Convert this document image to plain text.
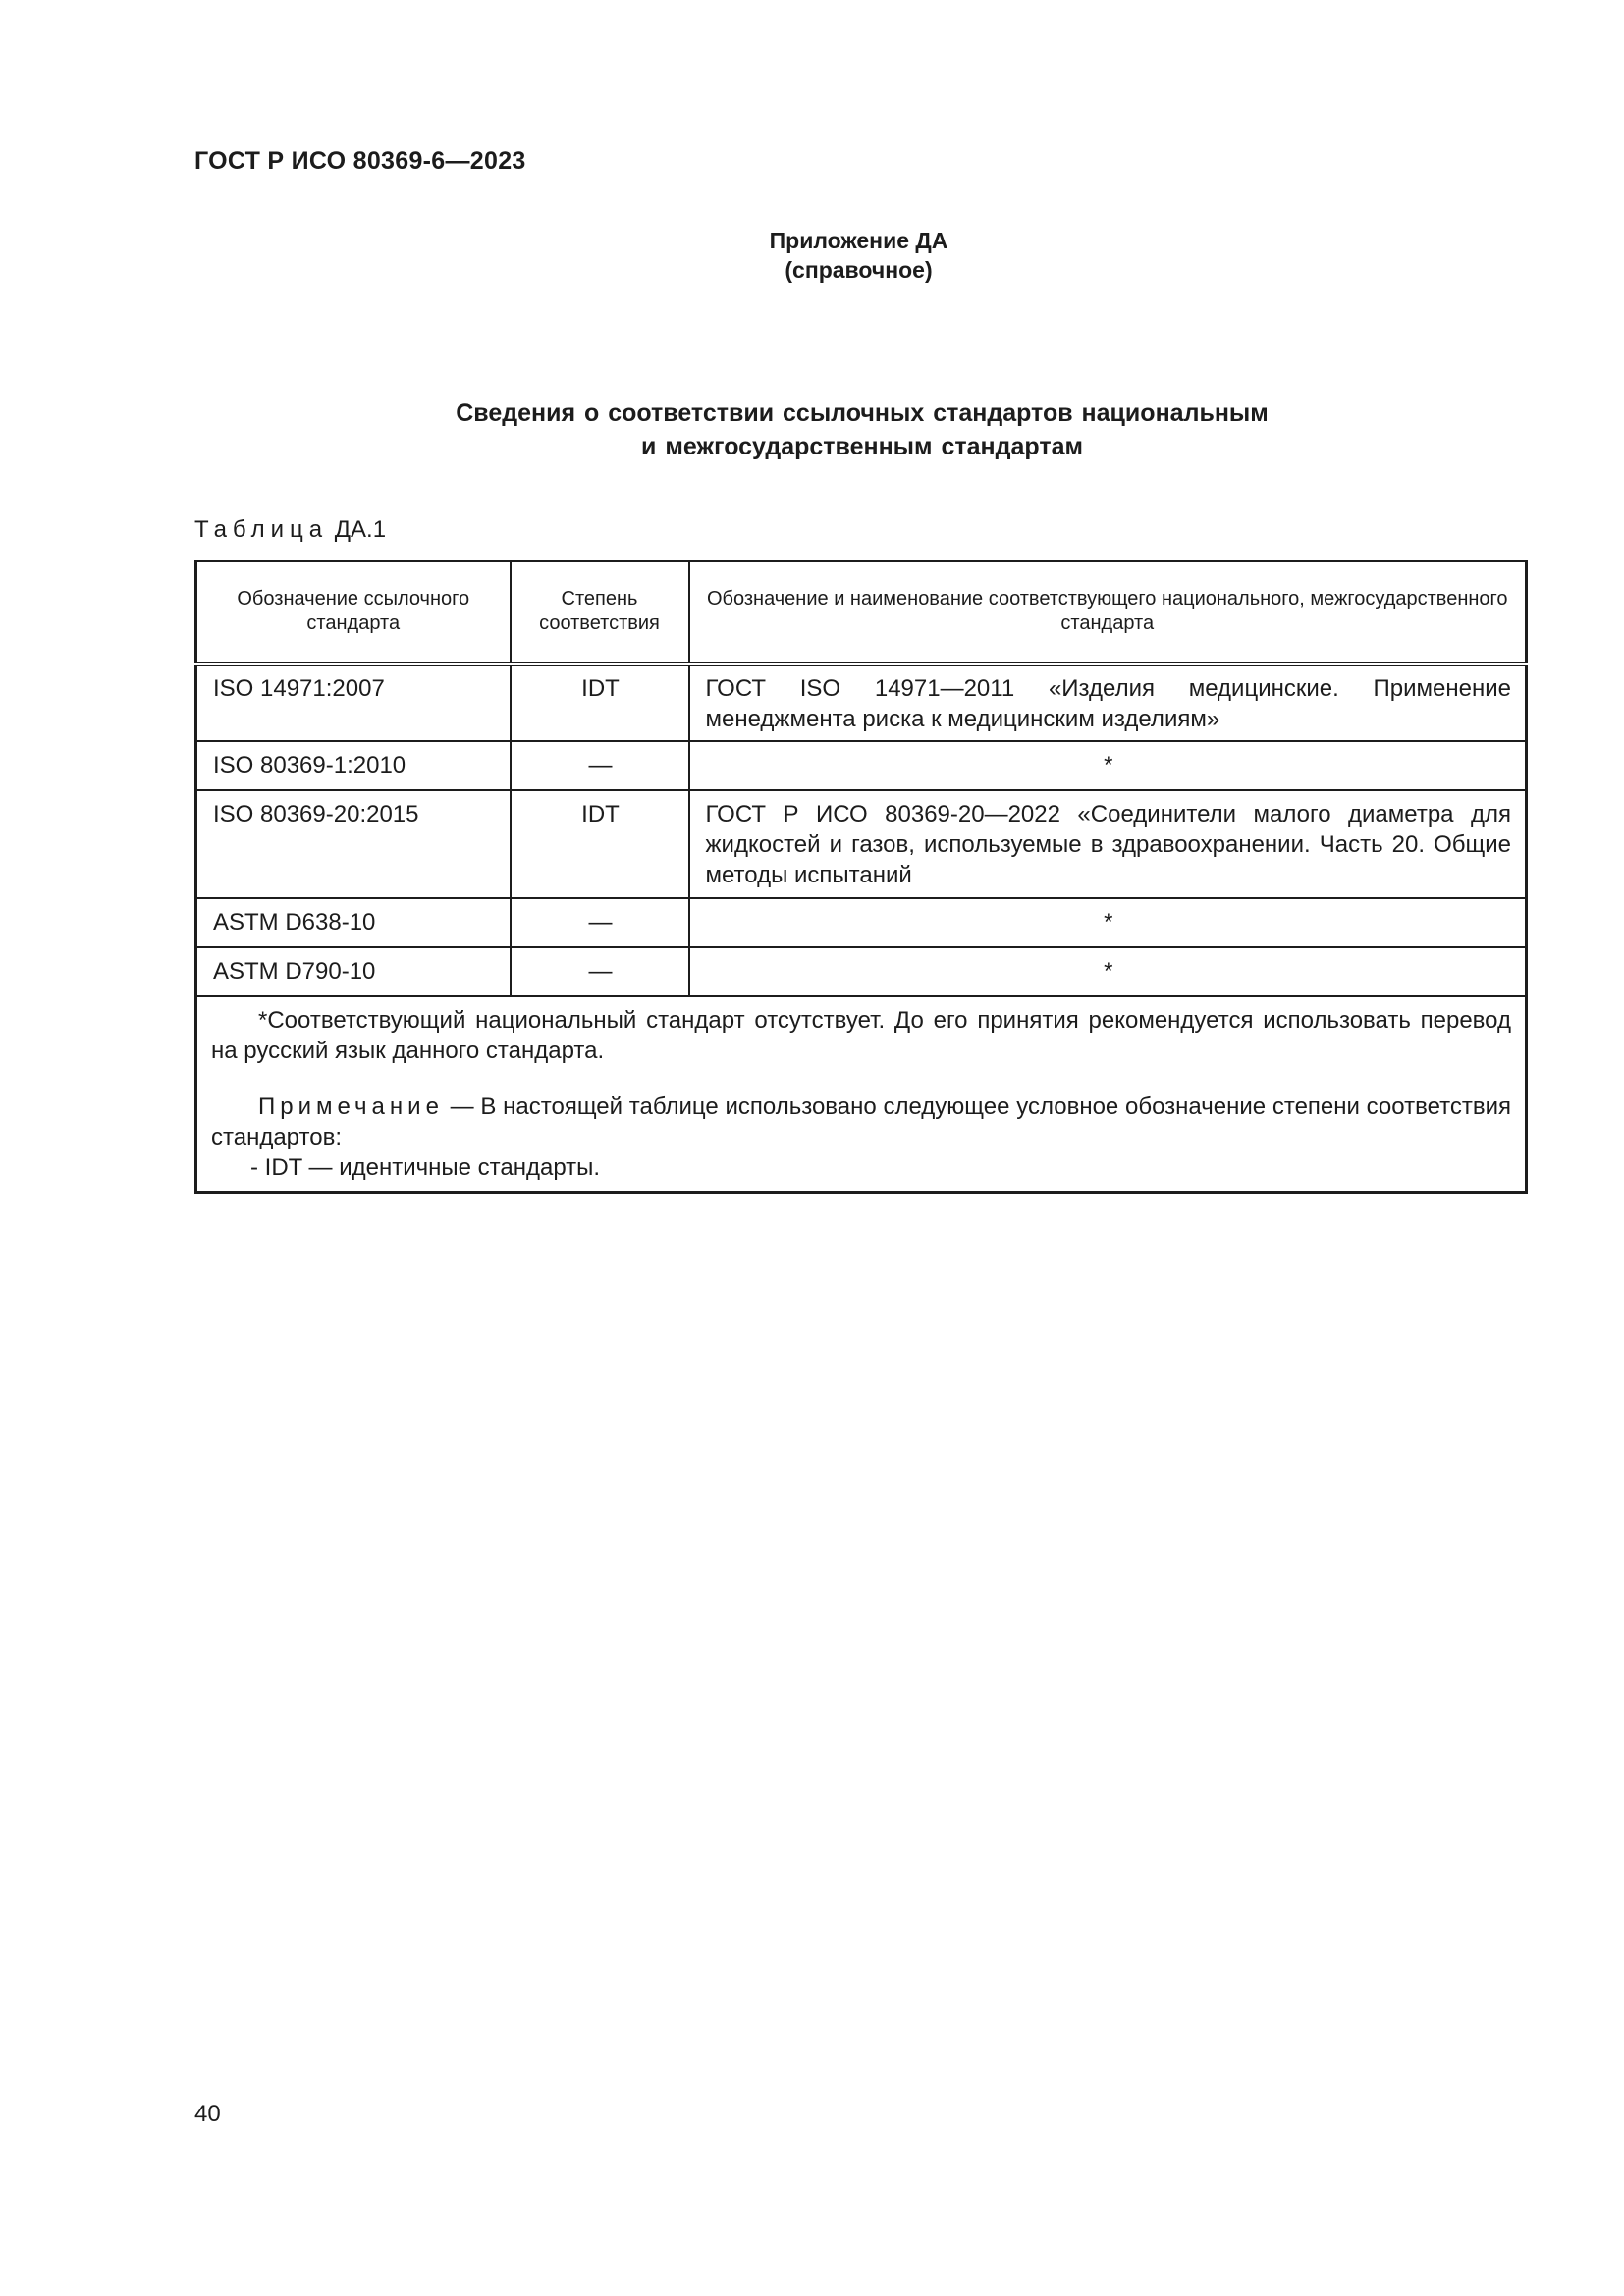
ГОСТ Р ИСО 80369-6—2023
Приложение ДА
(справочное)
Сведения о соответствии ссылочных стандартов национальным
и межгосударственным стандартам
Таблица ДА.1
Обозначение ссылочного стандарта	Степень соответствия	Обозначение и наименование соответствующего национального, межгосударственного стандарта
ISO 14971:2007	IDT	ГОСТ ISO 14971—2011 «Изделия медицинские. Применение менеджмента риска к медицинским изделиям»
ISO 80369-1:2010	—	*
ISO 80369-20:2015	IDT	ГОСТ Р ИСО 80369-20—2022 «Соединители малого диаметра для жидкостей и газов, используемые в здравоохранении. Часть 20. Общие методы испытаний
ASTM D638-10	—	*
ASTM D790-10	—	*

*Соответствующий национальный стандарт отсутствует. До его принятия рекомендуется использовать перевод на русский язык данного стандарта.

Примечание — В настоящей таблице использовано следующее условное обозначение степени соответствия стандартов:

- IDT — идентичные стандарты.		

40
